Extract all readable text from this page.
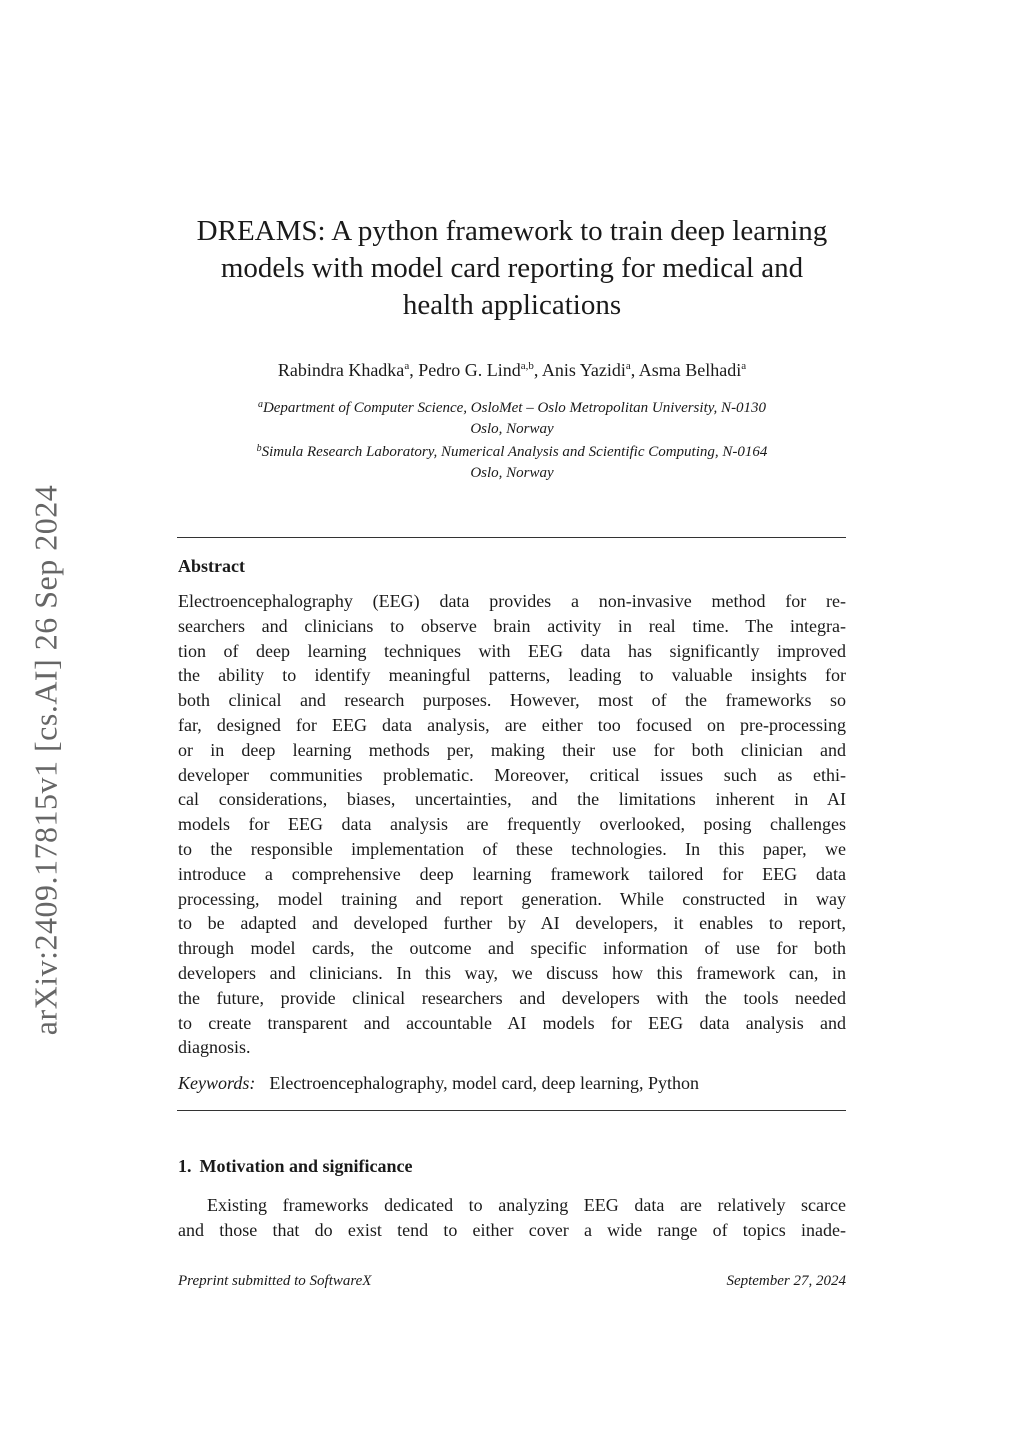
arXiv:2409.17815v1 [cs.AI] 26 Sep 2024
DREAMS: A python framework to train deep learning
models with model card reporting for medical and
health applications
Rabindra Khadka$^a$, Pedro G. Lind$^{a,b}$, Anis Yazidi$^a$, Asma Belhadi$^a$
$^a$Department of Computer Science, OsloMet – Oslo Metropolitan University, N-0130
Oslo, Norway
$^b$Simula Research Laboratory, Numerical Analysis and Scientific Computing, N-0164
Oslo, Norway
Abstract
Electroencephalography (EEG) data provides a non-invasive method for re-
searchers and clinicians to observe brain activity in real time. The integra-
tion of deep learning techniques with EEG data has significantly improved
the ability to identify meaningful patterns, leading to valuable insights for
both clinical and research purposes. However, most of the frameworks so
far, designed for EEG data analysis, are either too focused on pre-processing
or in deep learning methods per, making their use for both clinician and
developer communities problematic. Moreover, critical issues such as ethi-
cal considerations, biases, uncertainties, and the limitations inherent in AI
models for EEG data analysis are frequently overlooked, posing challenges
to the responsible implementation of these technologies. In this paper, we
introduce a comprehensive deep learning framework tailored for EEG data
processing, model training and report generation. While constructed in way
to be adapted and developed further by AI developers, it enables to report,
through model cards, the outcome and specific information of use for both
developers and clinicians. In this way, we discuss how this framework can, in
the future, provide clinical researchers and developers with the tools needed
to create transparent and accountable AI models for EEG data analysis and
diagnosis.
Keywords: Electroencephalography, model card, deep learning, Python
1. Motivation and significance
Existing frameworks dedicated to analyzing EEG data are relatively scarce
and those that do exist tend to either cover a wide range of topics inade-
Preprint submitted to SoftwareX	September 27, 2024
